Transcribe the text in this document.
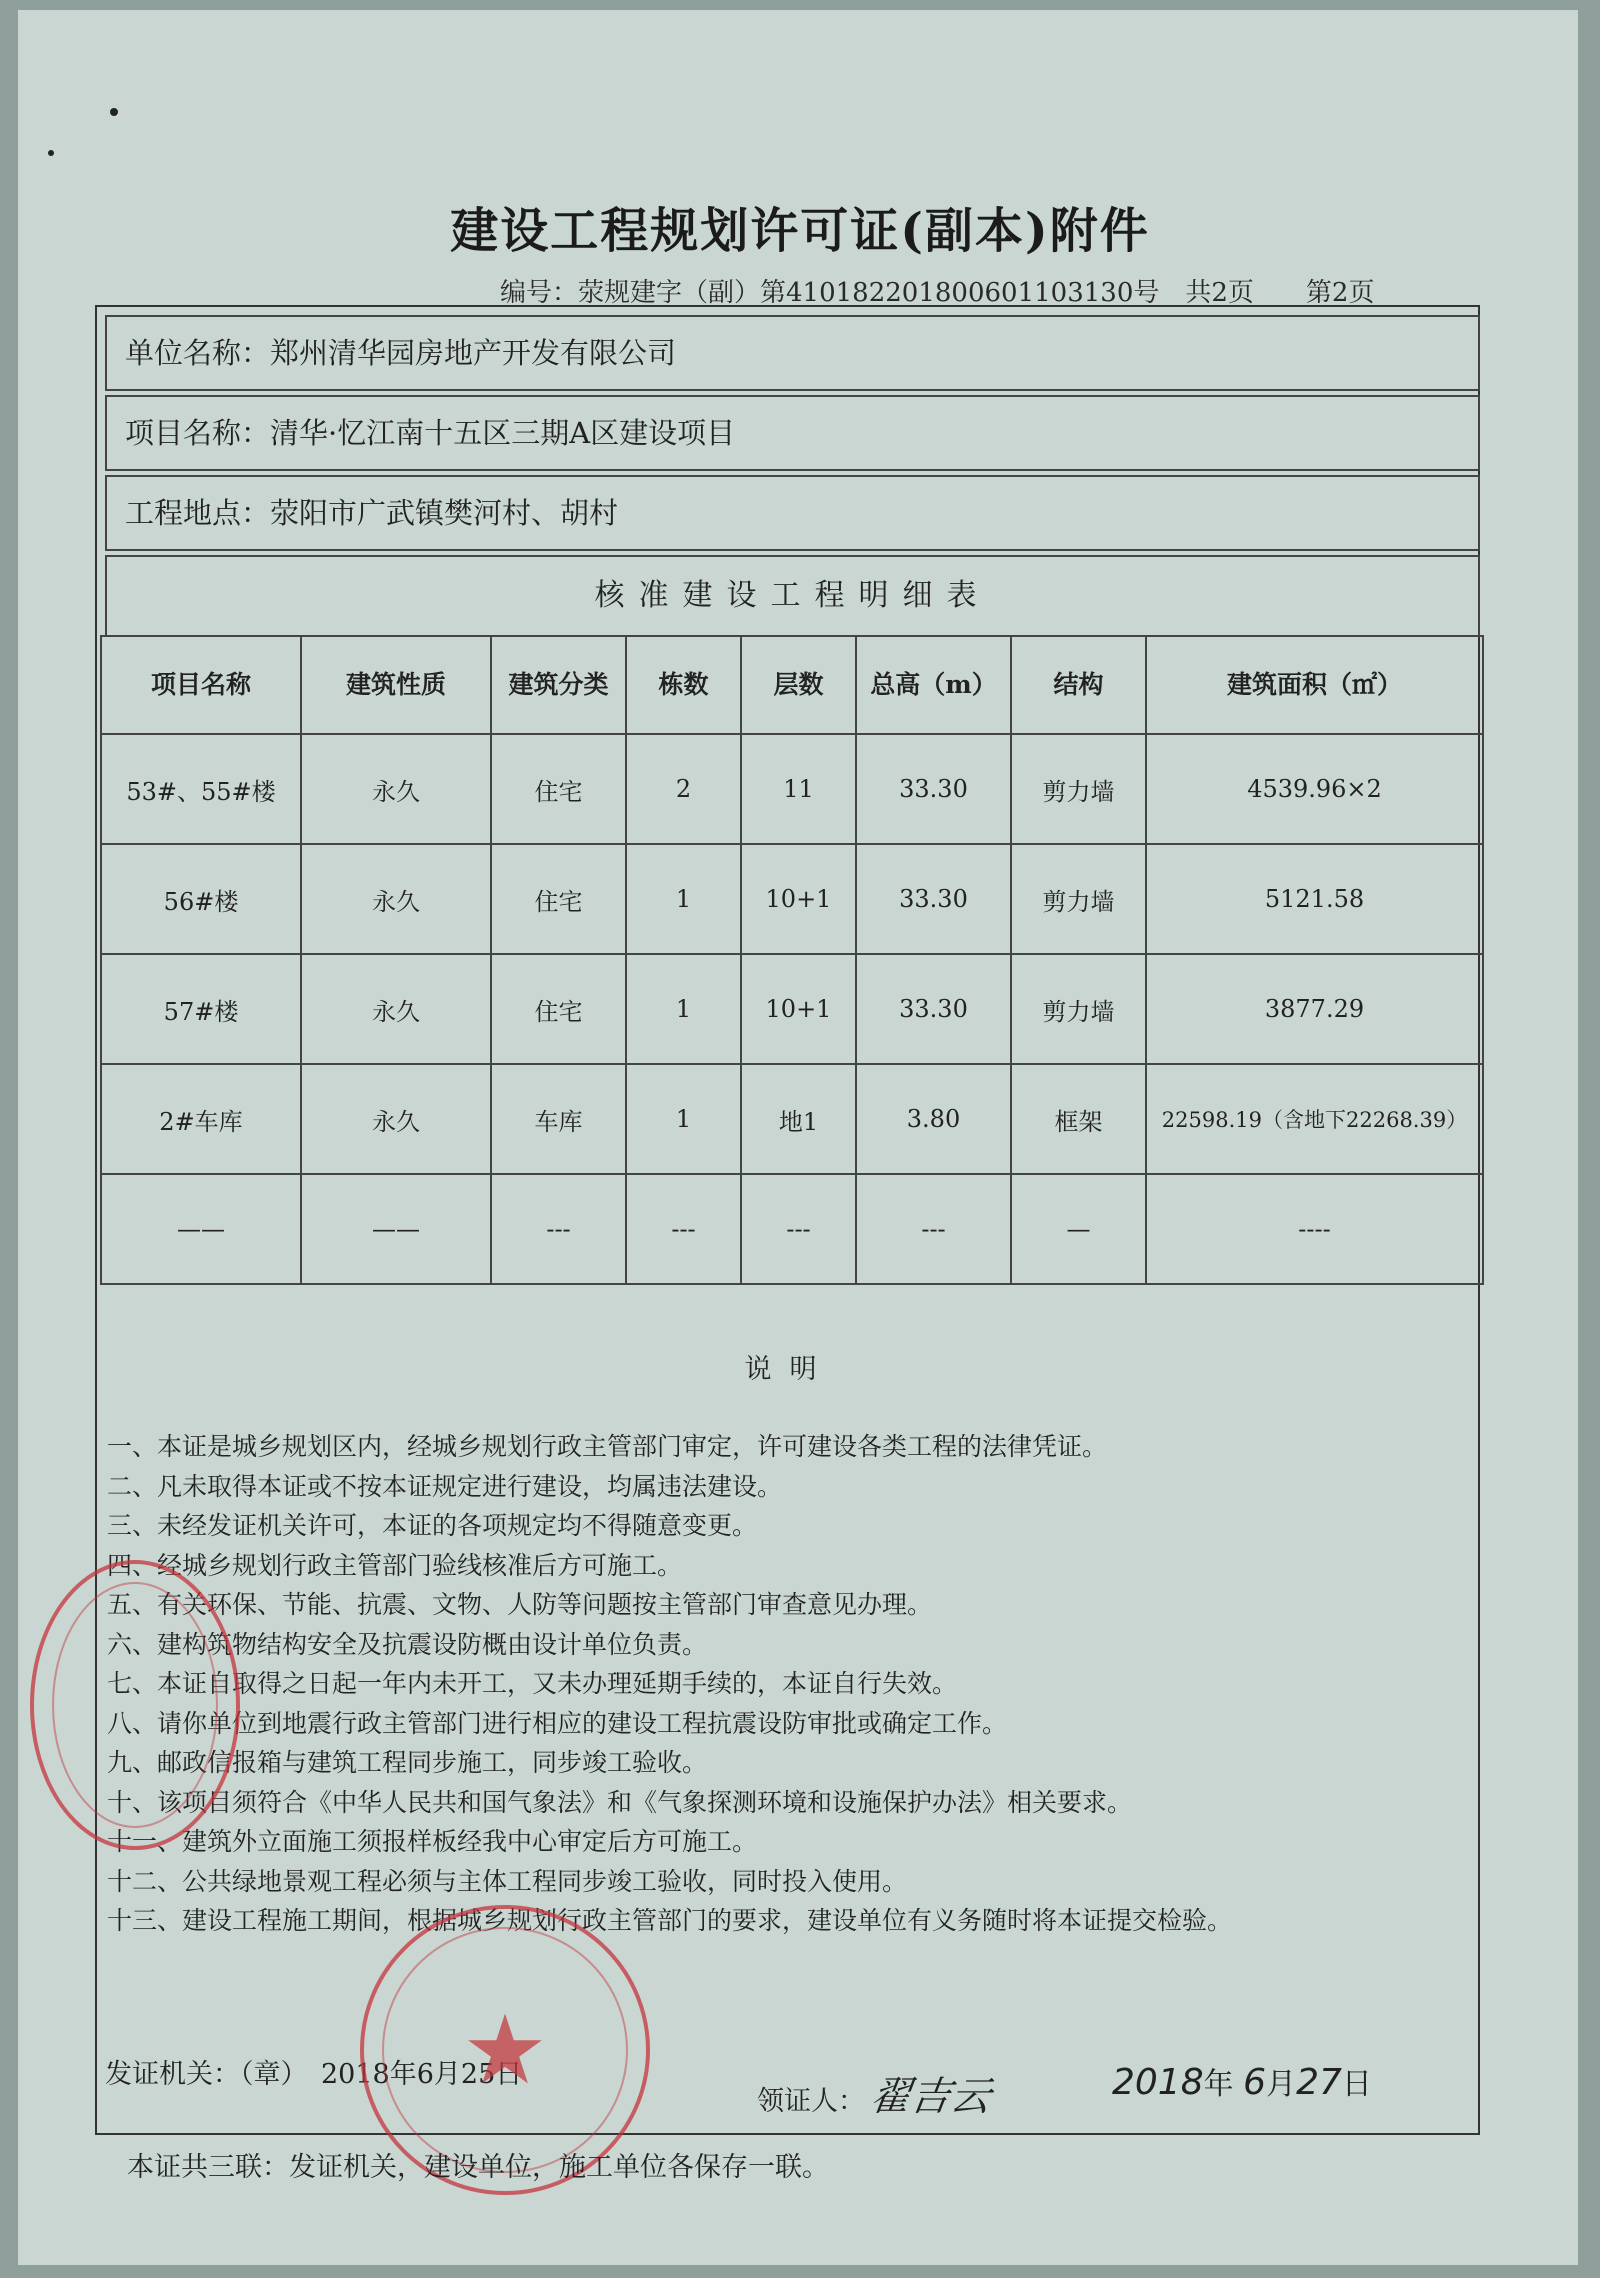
建设工程规划许可证(副本)附件
编号：荥规建字（副）第410182201800601103130号　共2页　　第2页
单位名称：郑州清华园房地产开发有限公司
项目名称：清华·忆江南十五区三期A区建设项目
工程地点：荥阳市广武镇樊河村、胡村
核准建设工程明细表
项目名称	建筑性质	建筑分类	栋数	层数	总高（m）	结构	建筑面积（㎡）
53#、55#楼	永久	住宅	2	11	33.30	剪力墙	4539.96×2
56#楼	永久	住宅	1	10+1	33.30	剪力墙	5121.58
57#楼	永久	住宅	1	10+1	33.30	剪力墙	3877.29
2#车库	永久	车库	1	地1	3.80	框架	22598.19（含地下22268.39）
——	——	---	---	---	---	—	----
说明
一、本证是城乡规划区内，经城乡规划行政主管部门审定，许可建设各类工程的法律凭证。
二、凡未取得本证或不按本证规定进行建设，均属违法建设。
三、未经发证机关许可，本证的各项规定均不得随意变更。
四、经城乡规划行政主管部门验线核准后方可施工。
五、有关环保、节能、抗震、文物、人防等问题按主管部门审查意见办理。
六、建构筑物结构安全及抗震设防概由设计单位负责。
七、本证自取得之日起一年内未开工，又未办理延期手续的，本证自行失效。
八、请你单位到地震行政主管部门进行相应的建设工程抗震设防审批或确定工作。
九、邮政信报箱与建筑工程同步施工，同步竣工验收。
十、该项目须符合《中华人民共和国气象法》和《气象探测环境和设施保护办法》相关要求。
十一、建筑外立面施工须报样板经我中心审定后方可施工。
十二、公共绿地景观工程必须与主体工程同步竣工验收，同时投入使用。
十三、建设工程施工期间，根据城乡规划行政主管部门的要求，建设单位有义务随时将本证提交检验。
发证机关：（章）　2018年6月25日
领证人：翟吉云	2018年 6月27日
★
本证共三联：发证机关，建设单位，施工单位各保存一联。
